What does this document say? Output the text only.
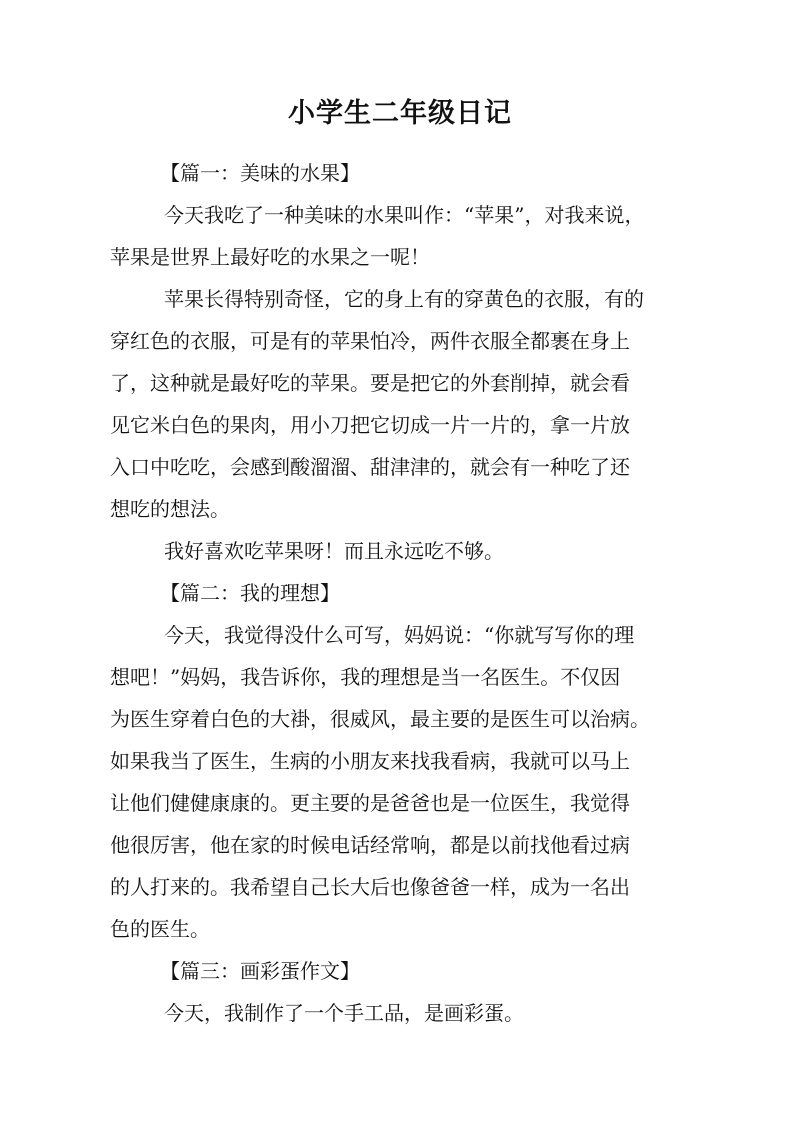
小学生二年级日记
【篇一：美味的水果】
今天我吃了一种美味的水果叫作：“苹果”，对我来说，
苹果是世界上最好吃的水果之一呢！
苹果长得特别奇怪，它的身上有的穿黄色的衣服，有的
穿红色的衣服，可是有的苹果怕冷，两件衣服全都裹在身上
了，这种就是最好吃的苹果。要是把它的外套削掉，就会看
见它米白色的果肉，用小刀把它切成一片一片的，拿一片放
入口中吃吃，会感到酸溜溜、甜津津的，就会有一种吃了还
想吃的想法。
我好喜欢吃苹果呀！而且永远吃不够。
【篇二：我的理想】
今天，我觉得没什么可写，妈妈说：“你就写写你的理
想吧！”妈妈，我告诉你，我的理想是当一名医生。不仅因
为医生穿着白色的大褂，很威风，最主要的是医生可以治病。
如果我当了医生，生病的小朋友来找我看病，我就可以马上
让他们健健康康的。更主要的是爸爸也是一位医生，我觉得
他很厉害，他在家的时候电话经常响，都是以前找他看过病
的人打来的。我希望自己长大后也像爸爸一样，成为一名出
色的医生。
【篇三：画彩蛋作文】
今天，我制作了一个手工品，是画彩蛋。
